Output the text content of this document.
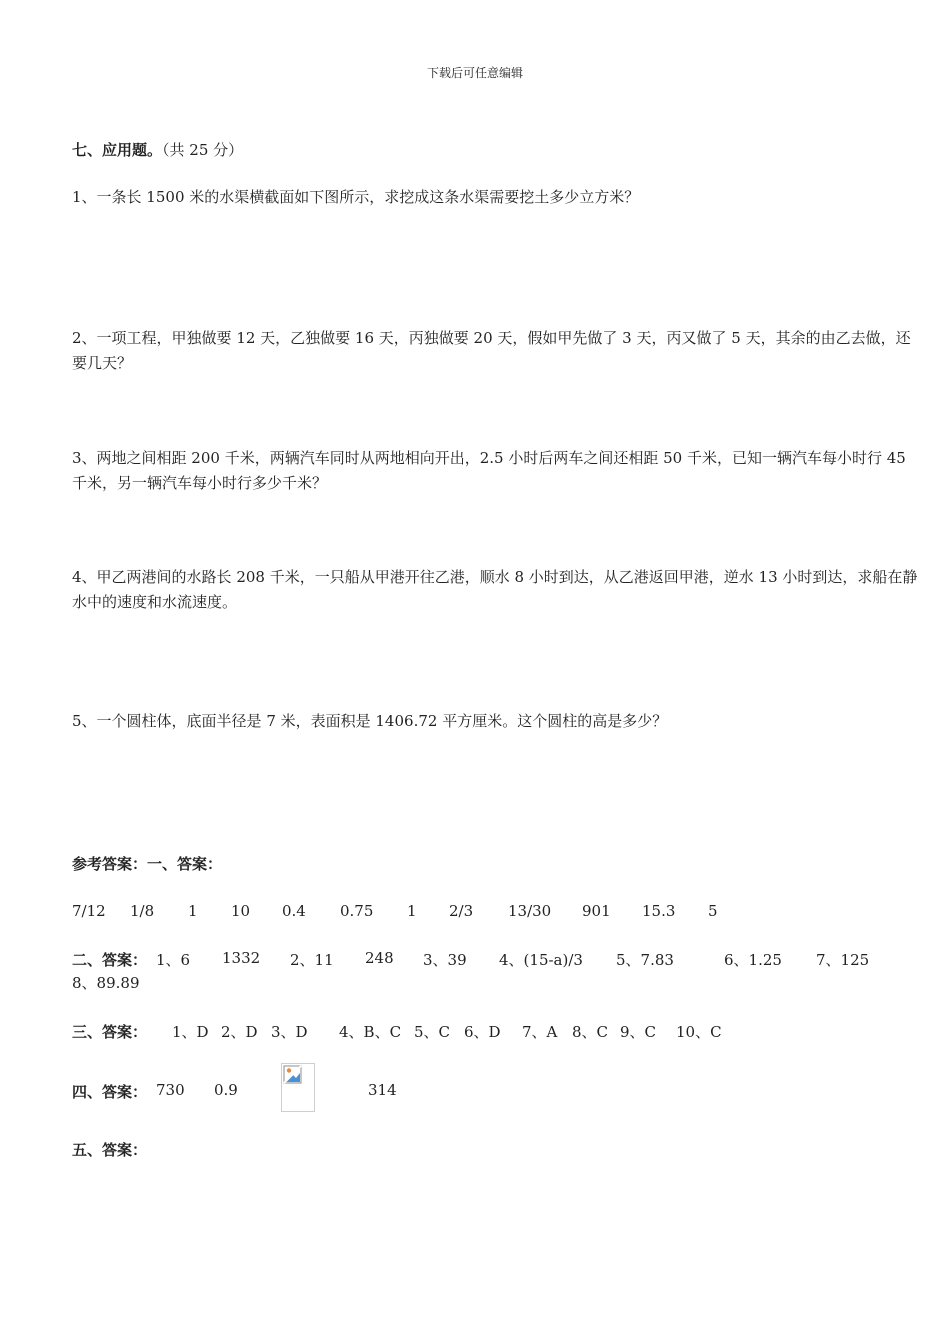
下载后可任意编辑
七、应用题。（共 25 分）
1、一条长 1500 米的水渠横截面如下图所示，求挖成这条水渠需要挖土多少立方米？
2、一项工程，甲独做要 12 天，乙独做要 16 天，丙独做要 20 天，假如甲先做了 3 天，丙又做了 5 天，其余的由乙去做，还要几天？
3、两地之间相距 200 千米，两辆汽车同时从两地相向开出，2.5 小时后两车之间还相距 50 千米，已知一辆汽车每小时行 45 千米，另一辆汽车每小时行多少千米？
4、甲乙两港间的水路长 208 千米，一只船从甲港开往乙港，顺水 8 小时到达，从乙港返回甲港，逆水 13 小时到达，求船在静水中的速度和水流速度。
5、一个圆柱体，底面半径是 7 米，表面积是 1406.72 平方厘米。这个圆柱的高是多少？
参考答案：一、答案：
7/12 1/8 1 10 0.4 0.75 1 2/3 13/30 901 15.3 5
二、答案： 1、6 1332 2、11 248 3、39 4、(15-a)/3 5、7.83	6、1.25 7、125
8、89.89
三、答案： 1、D 2、D 3、D 4、B、C 5、C 6、D 7、A 8、C 9、C 10、C
四、答案： 730 0.9	314
五、答案：
